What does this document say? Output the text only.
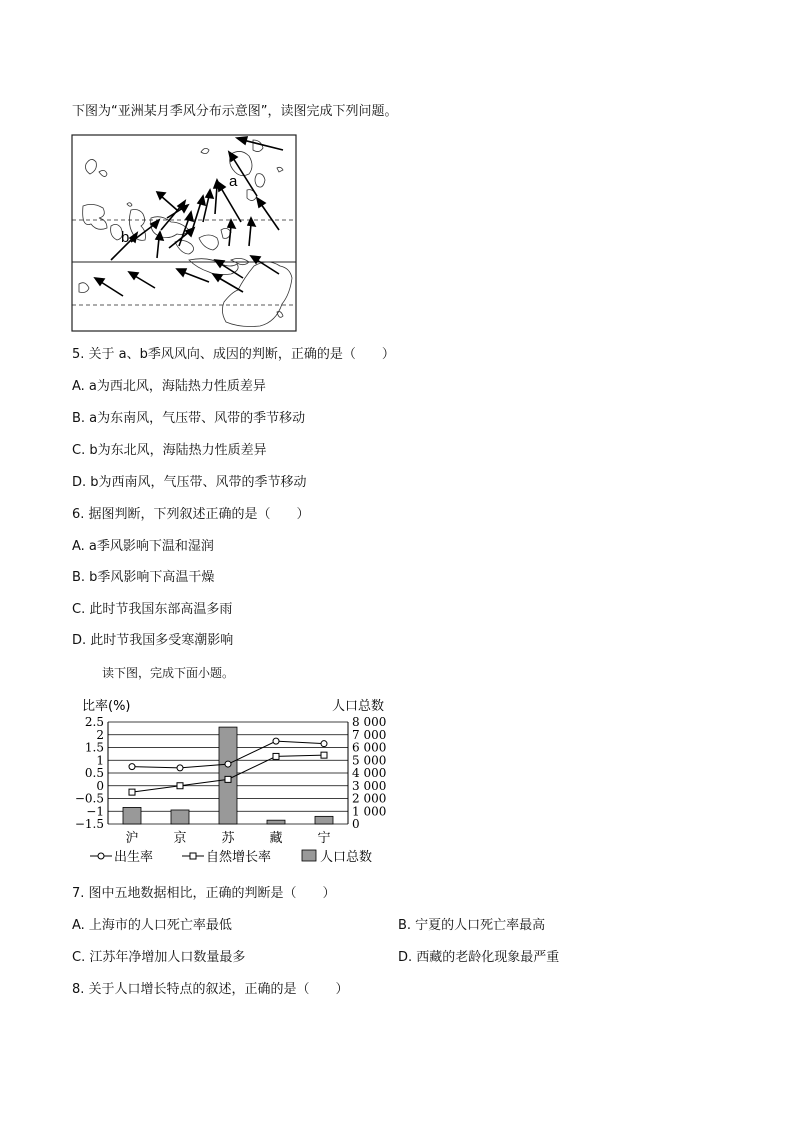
下图为“亚洲某月季风分布示意图”，读图完成下列问题。
a
b
5. 关于 a、b季风风向、成因的判断，正确的是（　　）
A. a为西北风，海陆热力性质差异
B. a为东南风，气压带、风带的季节移动
C. b为东北风，海陆热力性质差异
D. b为西南风，气压带、风带的季节移动
6. 据图判断，下列叙述正确的是（　　）
A. a季风影响下温和湿润
B. b季风影响下高温干燥
C. 此时节我国东部高温多雨
D. 此时节我国多受寒潮影响
读下图，完成下面小题。
比率(%)	人口总数
2.5	8 000
2	7 000
1.5	6 000
1	5 000
0.5	4 000
0	3 000
−0.5	2 000
−1	1 000
−1.5	0
沪	京	苏	藏	宁
出生率	自然增长率	人口总数
7. 图中五地数据相比，正确的判断是（　　）
A. 上海市的人口死亡率最低	B. 宁夏的人口死亡率最高
C. 江苏年净增加人口数量最多	D. 西藏的老龄化现象最严重
8. 关于人口增长特点的叙述，正确的是（　　）
